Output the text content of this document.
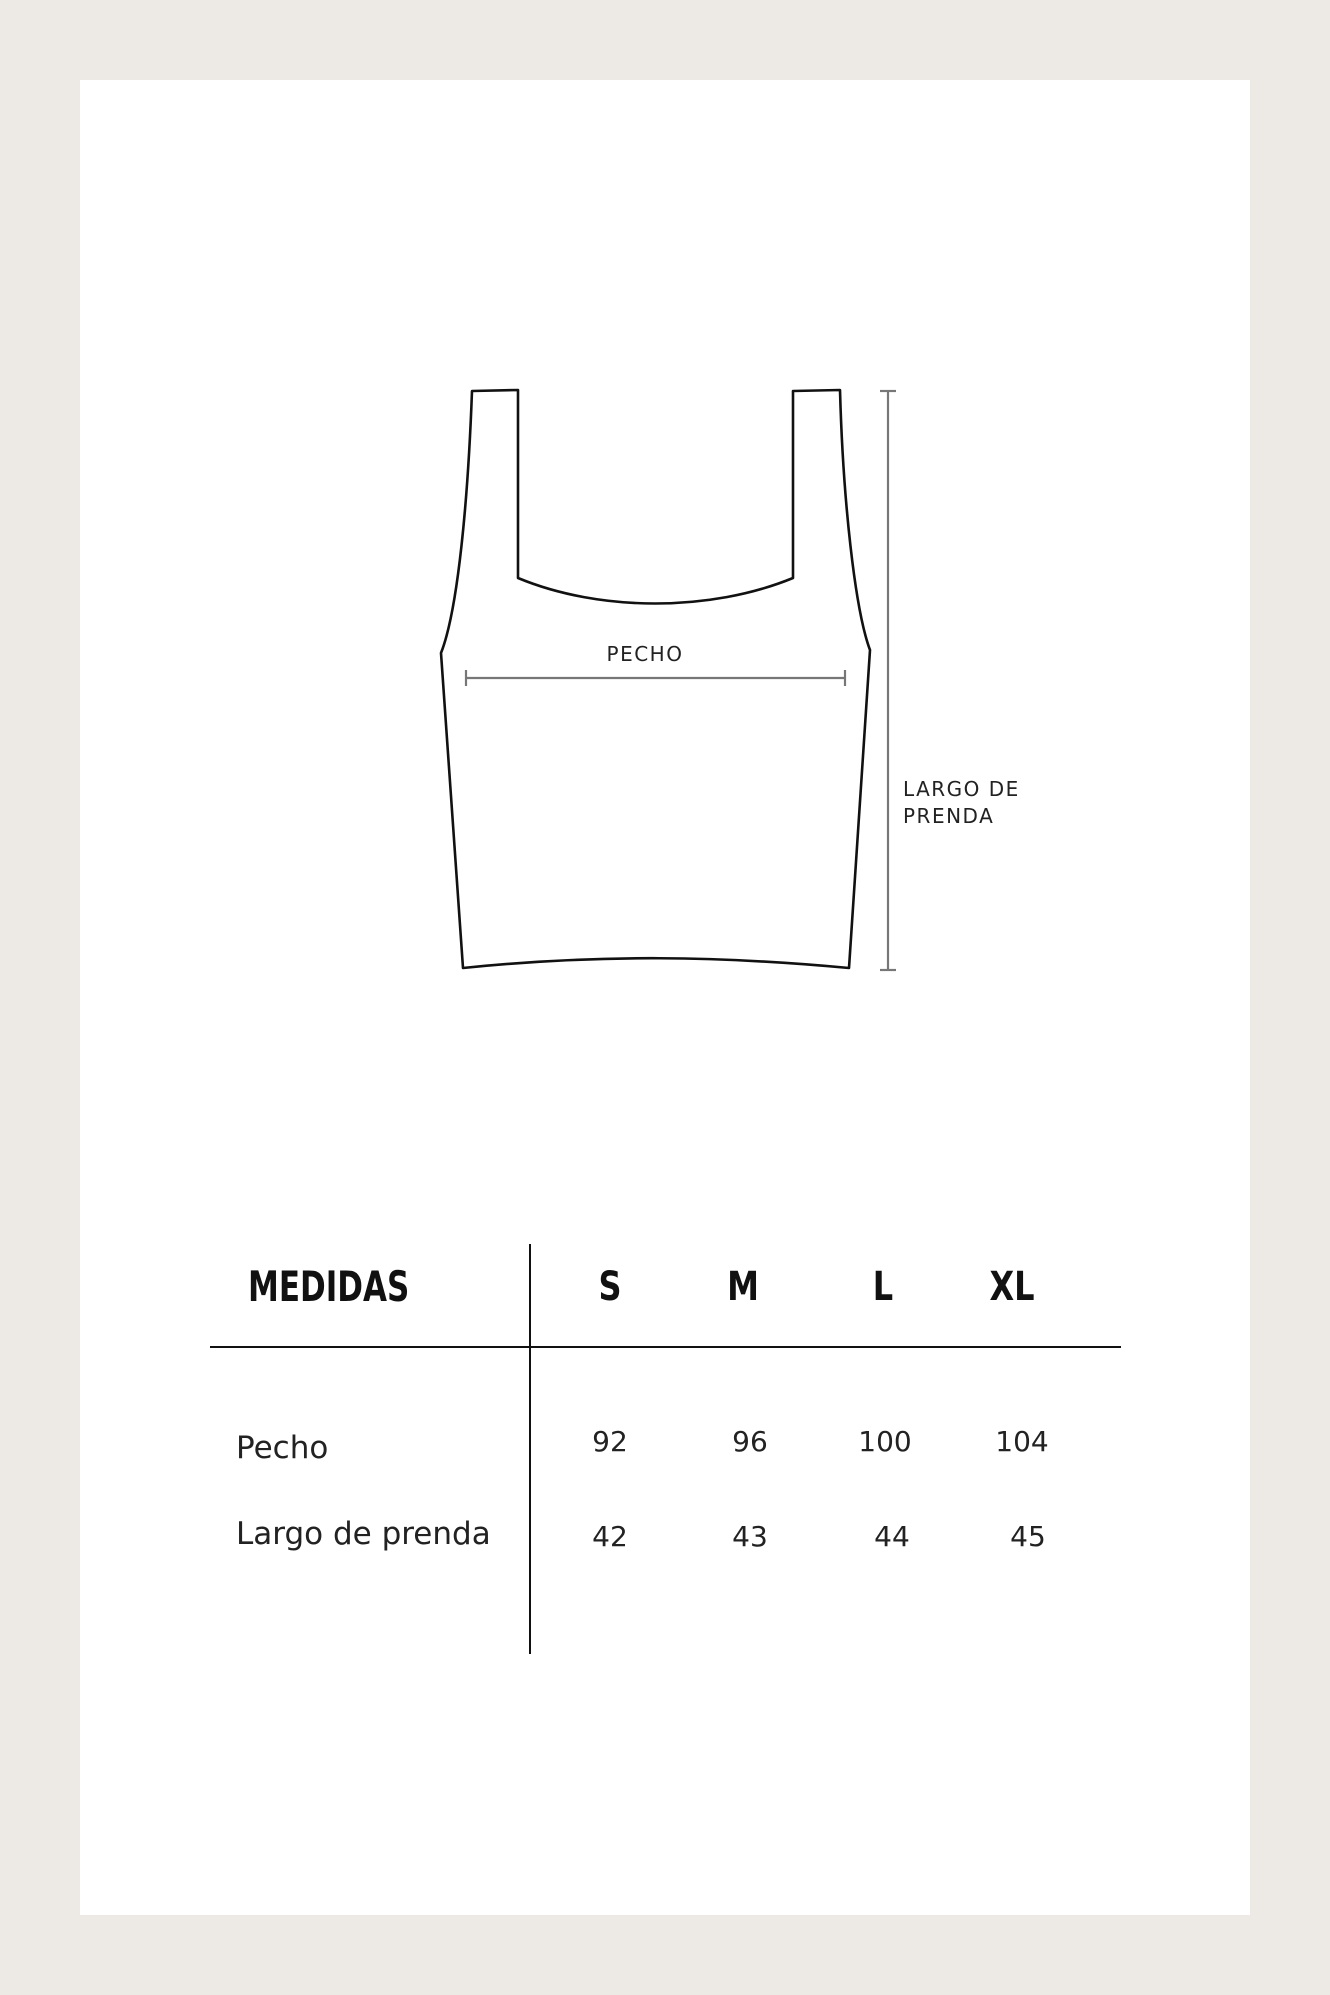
PECHO
LARGO DE
PRENDA
MEDIDAS	S	M	L	XL
Pecho	92	96	100	104
Largo de prenda	42	43	44	45
